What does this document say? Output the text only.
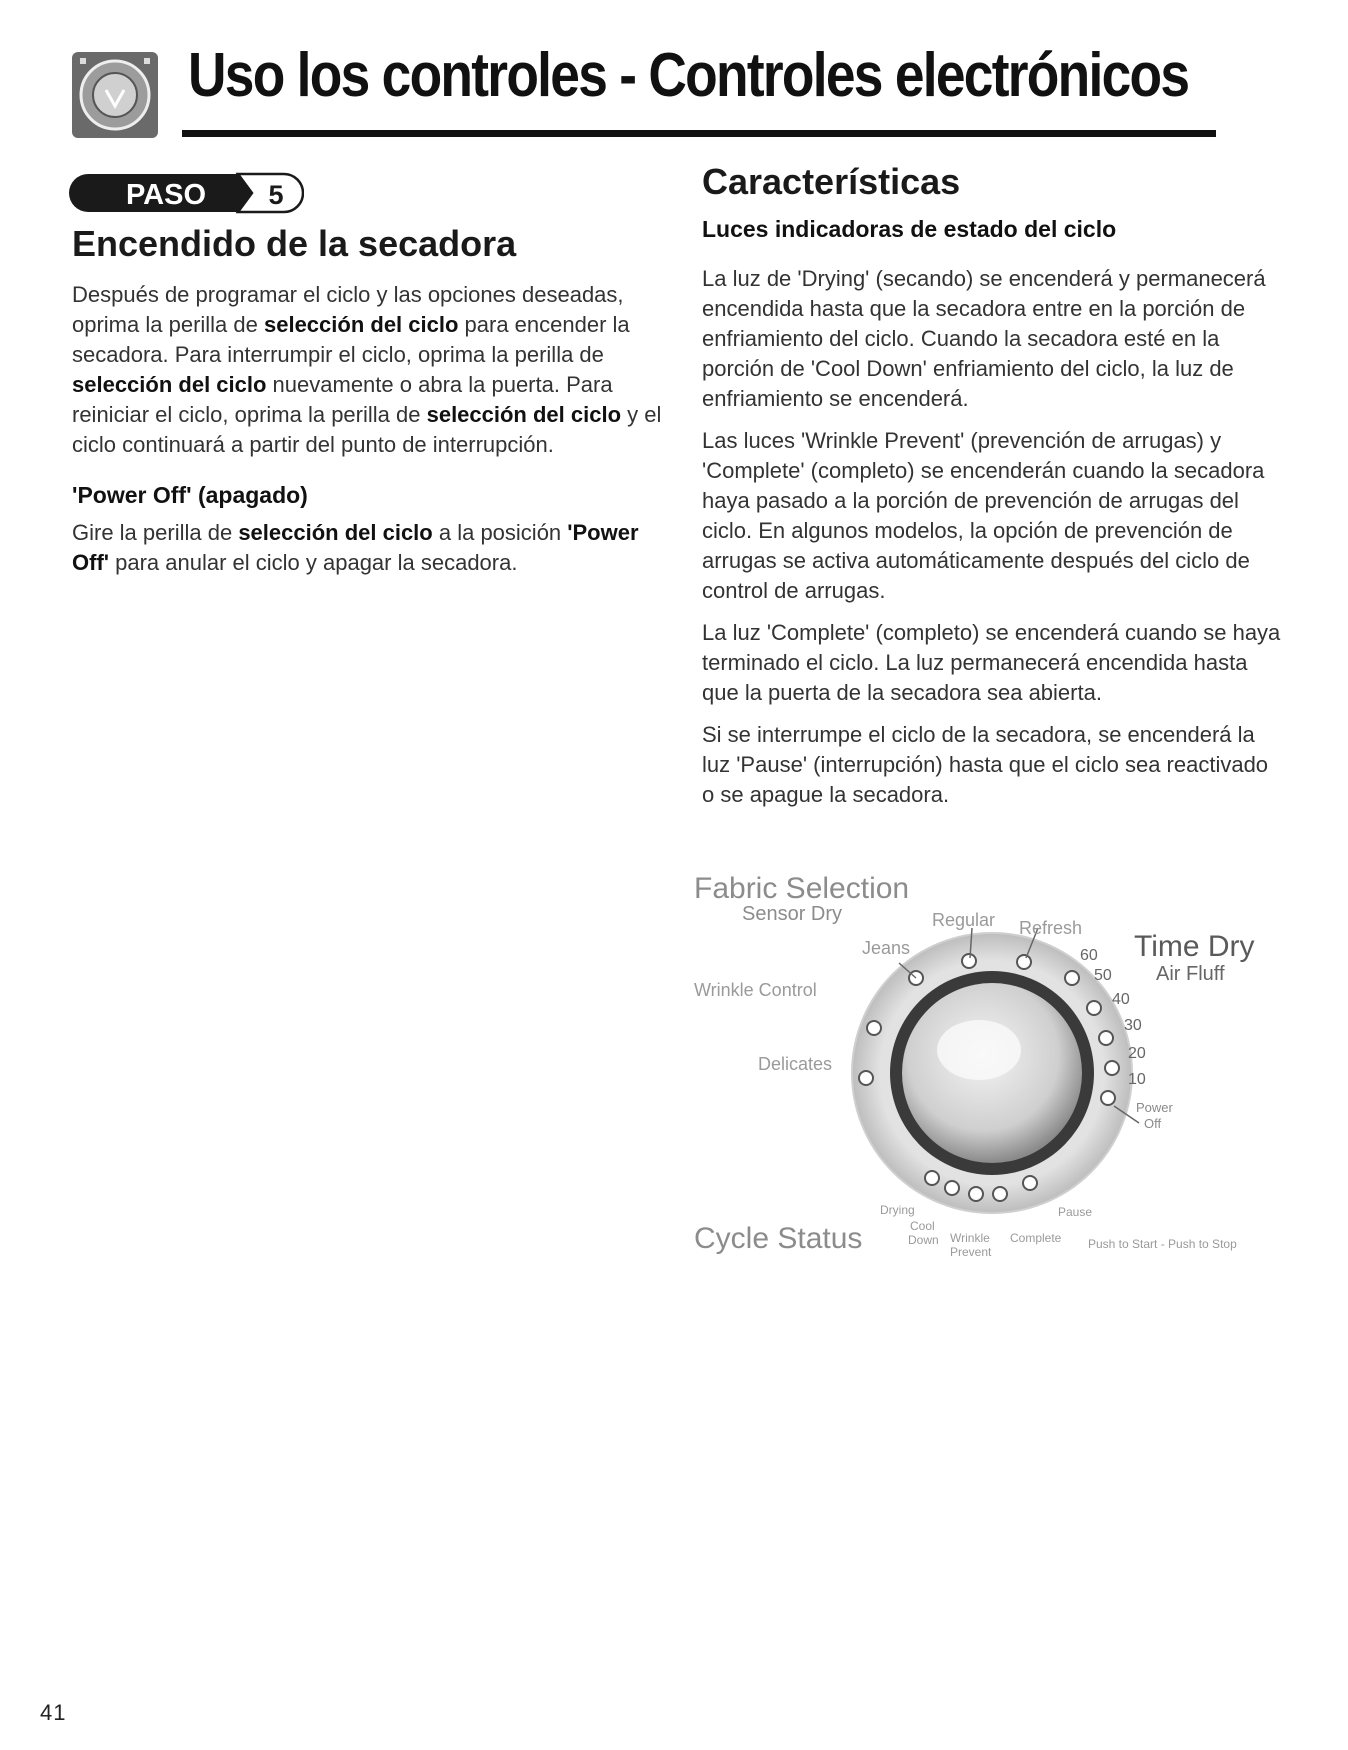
Uso los controles - Controles electrónicos
PASO 5
Encendido de la secadora

Después de programar el ciclo y las opciones deseadas, oprima la perilla de selección del ciclo para encender la secadora. Para interrumpir el ciclo, oprima la perilla de selección del ciclo nuevamente o abra la puerta. Para reiniciar el ciclo, oprima la perilla de selección del ciclo y el ciclo continuará a partir del punto de interrupción.

'Power Off' (apagado)

Gire la perilla de selección del ciclo a la posición 'Power Off' para anular el ciclo y apagar la secadora.

Características
Luces indicadoras de estado del ciclo

La luz de 'Drying' (secando) se encenderá y permanecerá encendida hasta que la secadora entre en la porción de enfriamiento del ciclo. Cuando la secadora esté en la porción de 'Cool Down' enfriamiento del ciclo, la luz de enfriamiento se encenderá.

Las luces 'Wrinkle Prevent' (prevención de arrugas) y 'Complete' (completo) se encenderán cuando la secadora haya pasado a la porción de prevención de arrugas del ciclo. En algunos modelos, la opción de prevención de arrugas se activa automáticamente después del ciclo de control de arrugas.

La luz 'Complete' (completo) se encenderá cuando se haya terminado el ciclo. La luz permanecerá encendida hasta que la puerta de la secadora sea abierta.

Si se interrumpe el ciclo de la secadora, se encenderá la luz 'Pause' (interrupción) hasta que el ciclo sea reactivado o se apague la secadora.

Fabric Selection
Sensor Dry	Regular Refresh
Jeans	Time Dry
Air Fluff
Wrinkle Control
Delicates
60
50
40
30
20
10
Power
Off
Cycle Status
Drying
Cool
Down Wrinkle
Prevent
Complete
Pause
Push to Start - Push to Stop
41
